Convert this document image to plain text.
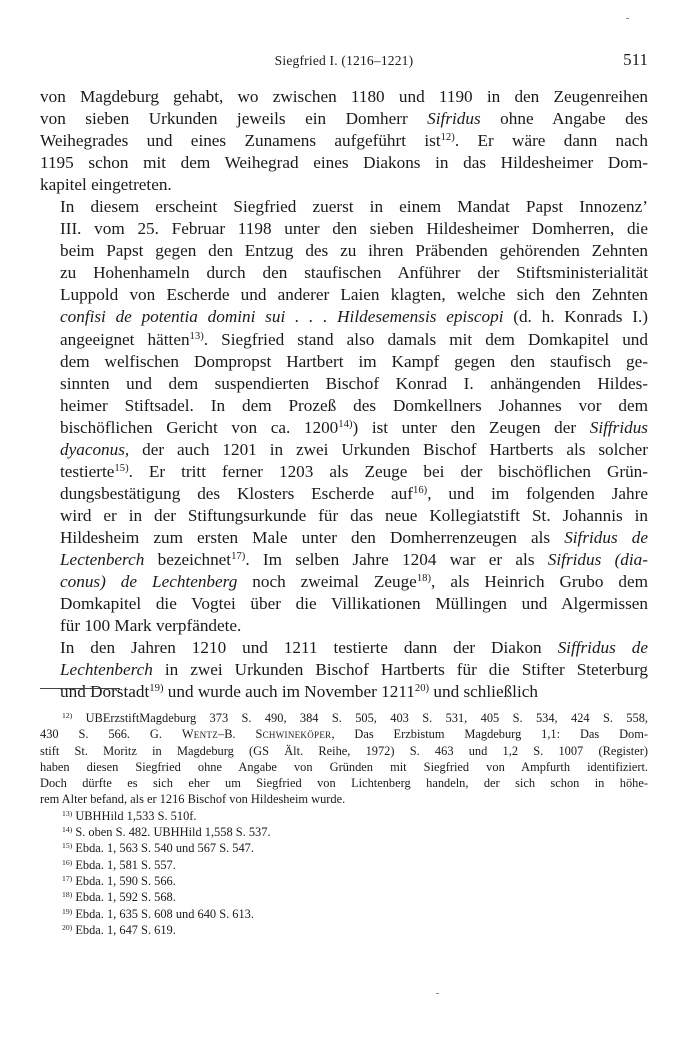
Siegfried I. (1216–1221)	511

von Magdeburg gehabt, wo zwischen 1180 und 1190 in den Zeugenreihen
von sieben Urkunden jeweils ein Domherr Sifridus ohne Angabe des
Weihegrades und eines Zunamens aufgeführt ist$^{12)}$. Er wäre dann nach
1195 schon mit dem Weihegrad eines Diakons in das Hildesheimer Dom-
kapitel eingetreten.

In diesem erscheint Siegfried zuerst in einem Mandat Papst Innozenz’
III. vom 25. Februar 1198 unter den sieben Hildesheimer Domherren, die
beim Papst gegen den Entzug des zu ihren Präbenden gehörenden Zehnten
zu Hohenhameln durch den staufischen Anführer der Stiftsministerialität
Luppold von Escherde und anderer Laien klagten, welche sich den Zehnten
confisi de potentia domini sui . . . Hildesemensis episcopi (d. h. Konrads I.)
angeeignet hätten$^{13)}$. Siegfried stand also damals mit dem Domkapitel und
dem welfischen Dompropst Hartbert im Kampf gegen den staufisch ge-
sinnten und dem suspendierten Bischof Konrad I. anhängenden Hildes-
heimer Stiftsadel. In dem Prozeß des Domkellners Johannes vor dem
bischöflichen Gericht von ca. 1200$^{14)}$) ist unter den Zeugen der Siffridus
dyaconus, der auch 1201 in zwei Urkunden Bischof Hartberts als solcher
testierte$^{15)}$. Er tritt ferner 1203 als Zeuge bei der bischöflichen Grün-
dungsbestätigung des Klosters Escherde auf$^{16)}$, und im folgenden Jahre
wird er in der Stiftungsurkunde für das neue Kollegiatstift St. Johannis in
Hildesheim zum ersten Male unter den Domherrenzeugen als Sifridus de
Lectenberch bezeichnet$^{17)}$. Im selben Jahre 1204 war er als Sifridus (dia-
conus) de Lechtenberg noch zweimal Zeuge$^{18)}$, als Heinrich Grubo dem
Domkapitel die Vogtei über die Villikationen Müllingen und Algermissen
für 100 Mark verpfändete.

In den Jahren 1210 und 1211 testierte dann der Diakon Siffridus de
Lechtenberch in zwei Urkunden Bischof Hartberts für die Stifter Steterburg
und Dorstadt$^{19)}$ und wurde auch im November 1211$^{20)}$ und schließlich

$^{12)}$ UBErzstiftMagdeburg 373 S. 490, 384 S. 505, 403 S. 531, 405 S. 534, 424 S. 558,
430 S. 566. G. Wentz–B. Schwineköper, Das Erzbistum Magdeburg 1,1: Das Dom-
stift St. Moritz in Magdeburg (GS Ält. Reihe, 1972) S. 463 und 1,2 S. 1007 (Register)
haben diesen Siegfried ohne Angabe von Gründen mit Siegfried von Ampfurth identifiziert.
Doch dürfte es sich eher um Siegfried von Lichtenberg handeln, der sich schon in höhe-
rem Alter befand, als er 1216 Bischof von Hildesheim wurde.
$^{13)}$ UBHHild 1,533 S. 510f.
$^{14)}$ S. oben S. 482. UBHHild 1,558 S. 537.
$^{15)}$ Ebda. 1, 563 S. 540 und 567 S. 547.
$^{16)}$ Ebda. 1, 581 S. 557.
$^{17)}$ Ebda. 1, 590 S. 566.
$^{18)}$ Ebda. 1, 592 S. 568.
$^{19)}$ Ebda. 1, 635 S. 608 und 640 S. 613.
$^{20)}$ Ebda. 1, 647 S. 619.
